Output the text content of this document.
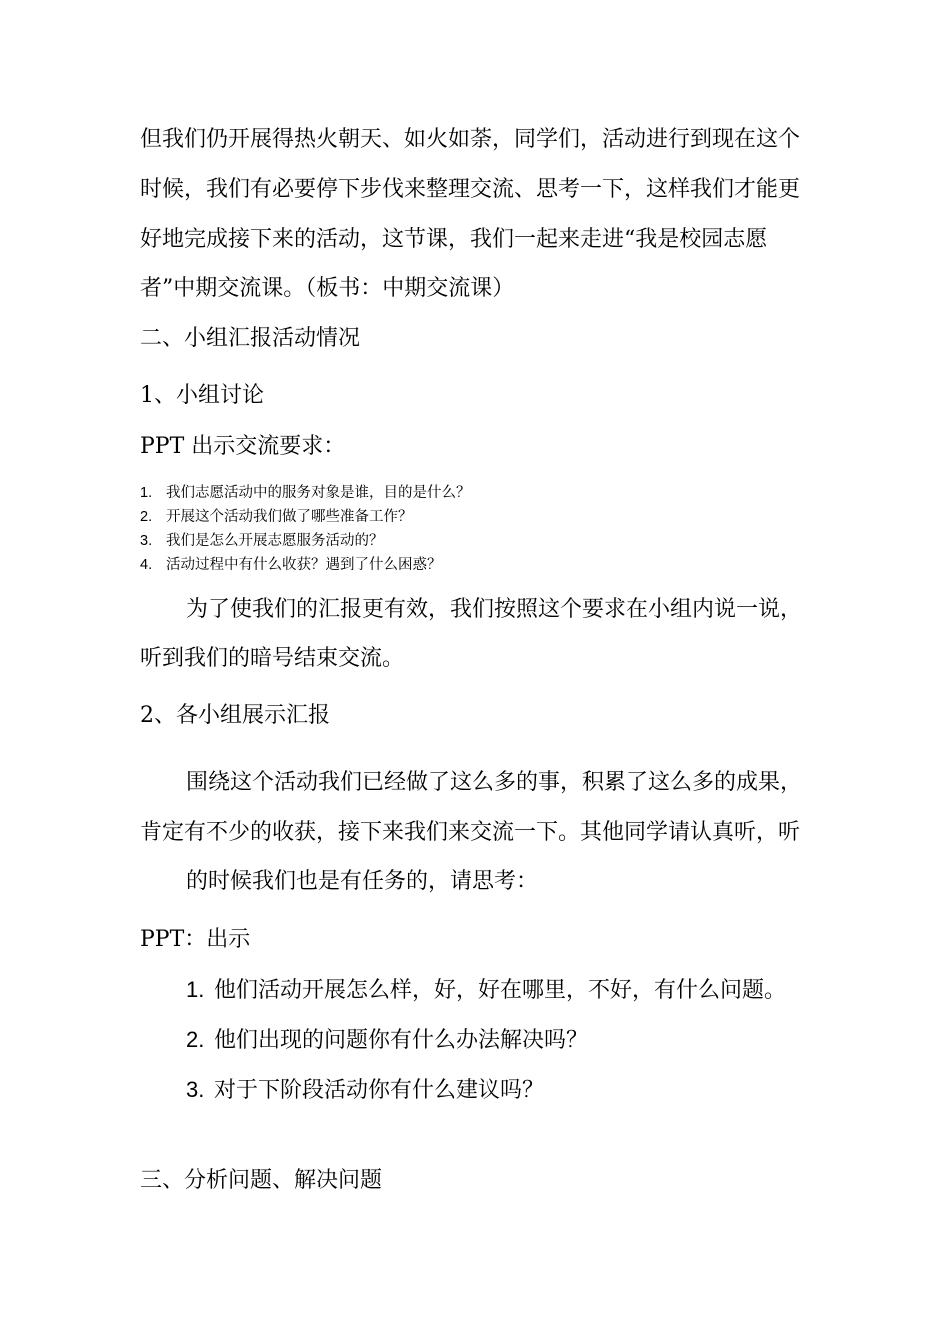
但我们仍开展得热火朝天、如火如荼，同学们，活动进行到现在这个
时候，我们有必要停下步伐来整理交流、思考一下，这样我们才能更
好地完成接下来的活动，这节课，我们一起来走进“我是校园志愿
者”中期交流课。（板书：中期交流课）
二、小组汇报活动情况
1、小组讨论
PPT 出示交流要求：
1. 我们志愿活动中的服务对象是谁，目的是什么？
2. 开展这个活动我们做了哪些准备工作？
3. 我们是怎么开展志愿服务活动的？
4. 活动过程中有什么收获？遇到了什么困惑？
为了使我们的汇报更有效，我们按照这个要求在小组内说一说，
听到我们的暗号结束交流。
2、各小组展示汇报
围绕这个活动我们已经做了这么多的事，积累了这么多的成果，
肯定有不少的收获，接下来我们来交流一下。其他同学请认真听，听
的时候我们也是有任务的，请思考：
PPT：出示
1. 他们活动开展怎么样，好，好在哪里，不好，有什么问题。
2. 他们出现的问题你有什么办法解决吗？
3. 对于下阶段活动你有什么建议吗？
三、分析问题、解决问题
